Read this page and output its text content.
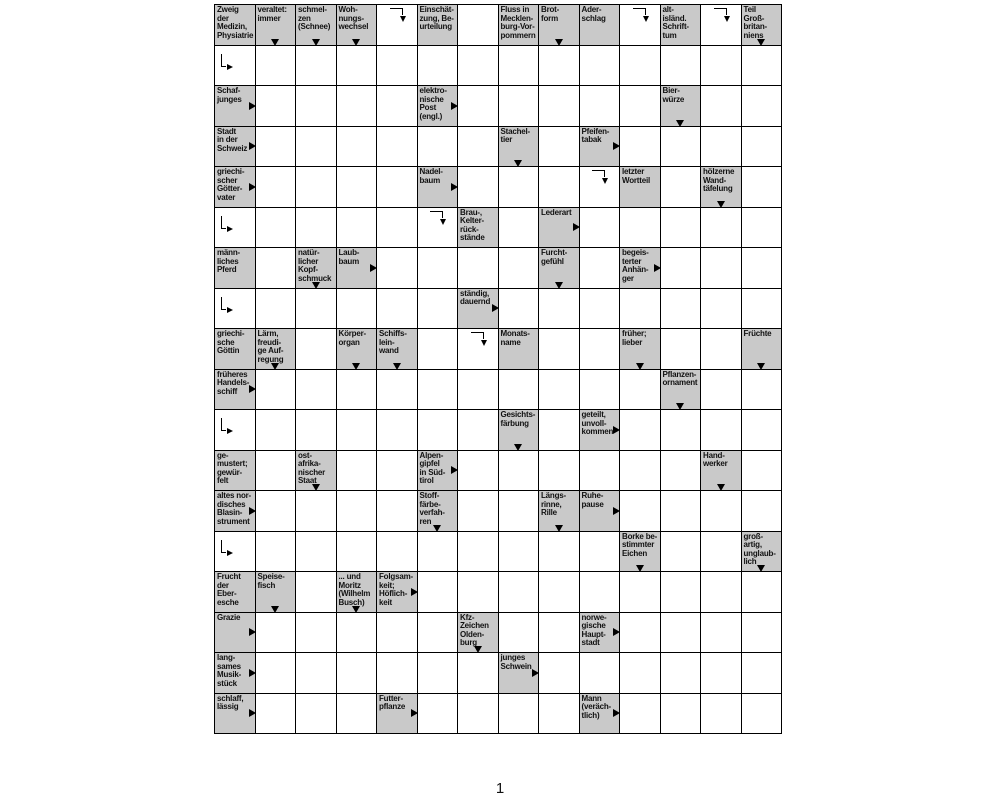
Zweig
der
Medizin,
Physiatrie
veraltet:
immer
schmel-
zen
(Schnee)
Woh-
nungs-
wechsel
Einschät-
zung, Be-
urteilung
Fluss in
Mecklen-
burg-Vor-
pommern
Brot-
form
Ader-
schlag
alt-
isländ.
Schrift-
tum
Teil
Groß-
britan-
niens
Schaf-
junges
elektro-
nische
Post
(engl.)
Bier-
würze
Stadt
in der
Schweiz
Stachel-
tier
Pfeifen-
tabak
griechi-
scher
Götter-
vater
Nadel-
baum
letzter
Wortteil
hölzerne
Wand-
täfelung
Brau-,
Kelter-
rück-
stände
Lederart
männ-
liches
Pferd
natür-
licher
Kopf-
schmuck
Laub-
baum
Furcht-
gefühl
begeis-
terter
Anhän-
ger
ständig,
dauernd
griechi-
sche
Göttin
Lärm,
freudi-
ge Auf-
regung
Körper-
organ
Schiffs-
lein-
wand
Monats-
name
früher;
lieber
Früchte
früheres
Handels-
schiff
Pflanzen-
ornament
Gesichts-
färbung
geteilt,
unvoll-
kommen
ge-
mustert;
gewür-
felt
ost-
afrika-
nischer
Staat
Alpen-
gipfel
in Süd-
tirol
Hand-
werker
altes nor-
disches
Blasin-
strument
Stoff-
färbe-
verfah-
ren
Längs-
rinne,
Rille
Ruhe-
pause
Borke be-
stimmter
Eichen
groß-
artig,
unglaub-
lich
Frucht
der
Eber-
esche
Speise-
fisch
... und
Moritz
(Wilhelm
Busch)
Folgsam-
keit;
Höflich-
keit
Grazie	Kfz-
Zeichen
Olden-
burg
norwe-
gische
Haupt-
stadt
lang-
sames
Musik-
stück
junges
Schwein
schlaff,
lässig
Futter-
pflanze
Mann
(veräch-
tlich)
1
